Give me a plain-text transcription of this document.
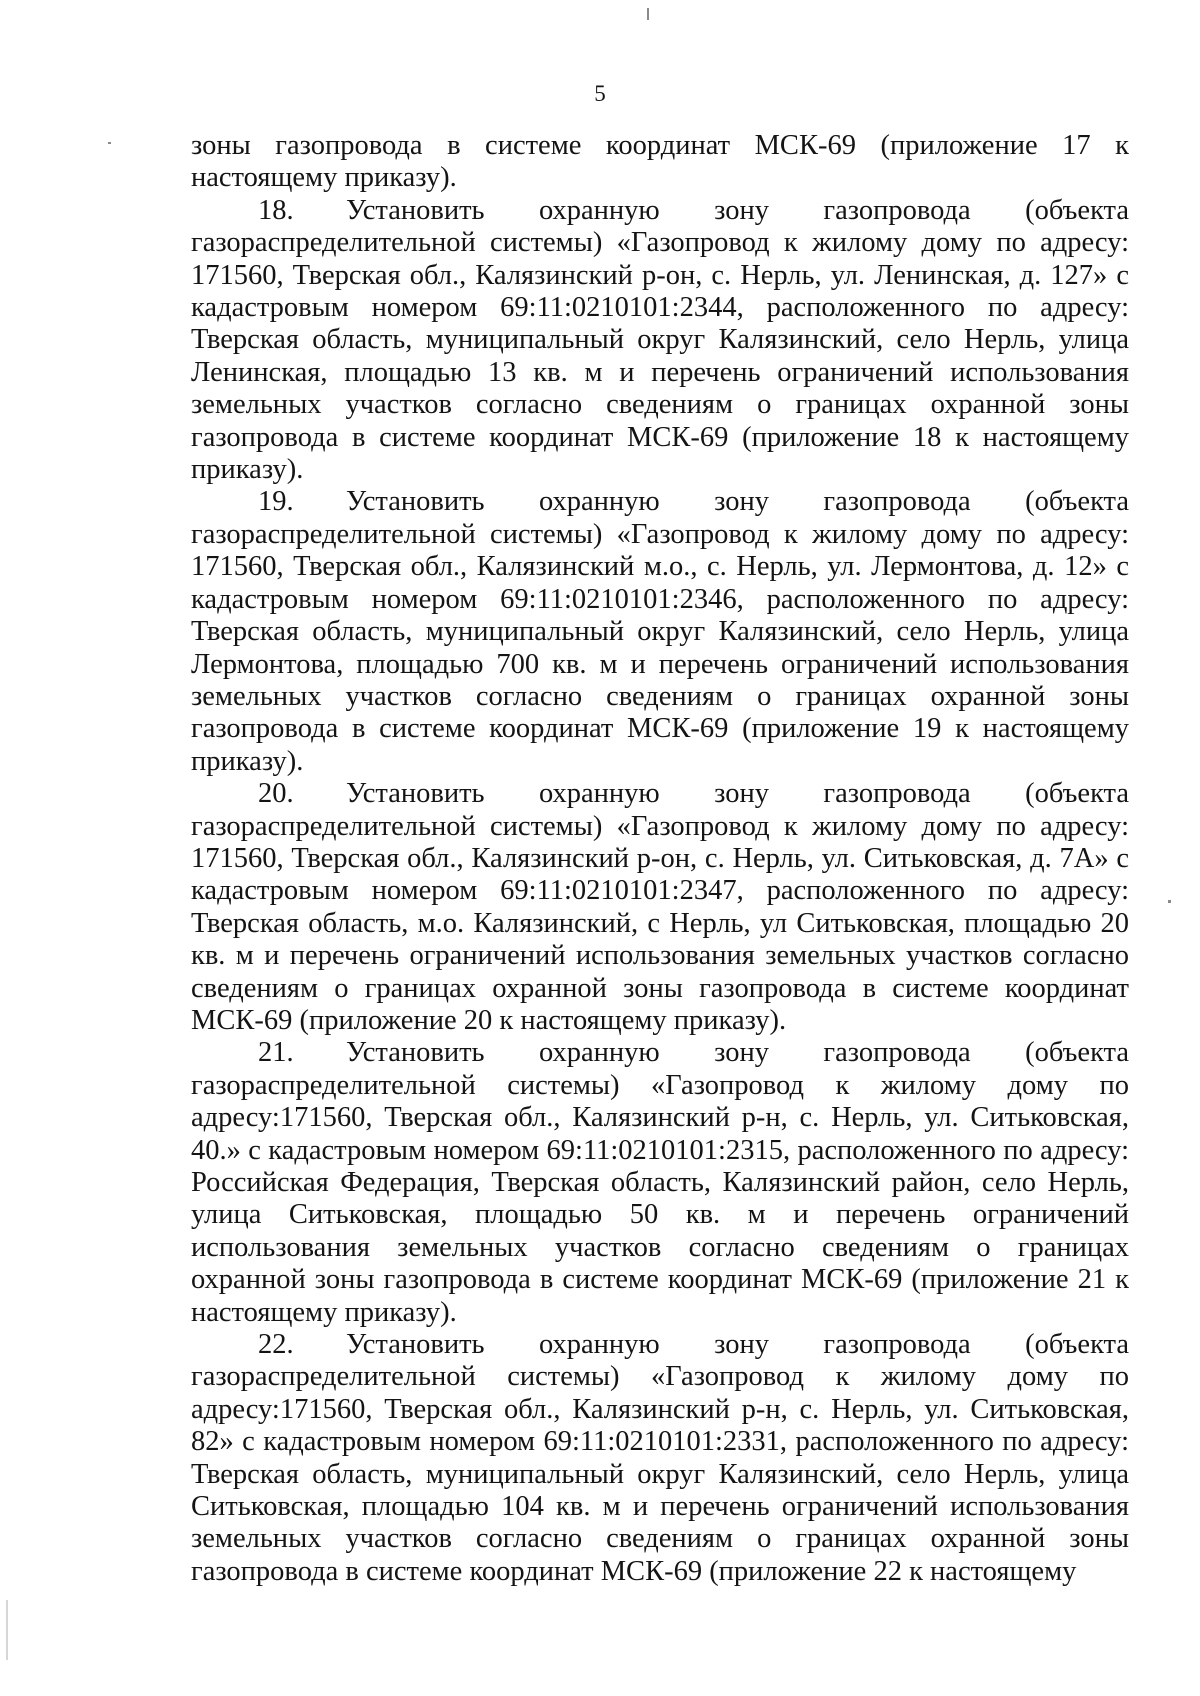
5

зоны газопровода в системе координат МСК-69 (приложение 17 к настоящему приказу).

18. Установить охранную зону газопровода (объекта газораспределительной системы) «Газопровод к жилому дому по адресу: 171560, Тверская обл., Калязинский р-он, с. Нерль, ул. Ленинская, д. 127» с кадастровым номером 69:11:0210101:2344, расположенного по адресу: Тверская область, муниципальный округ Калязинский, село Нерль, улица Ленинская, площадью 13 кв. м и перечень ограничений использования земельных участков согласно сведениям о границах охранной зоны газопровода в системе координат МСК-69 (приложение 18 к настоящему приказу).

19. Установить охранную зону газопровода (объекта газораспределительной системы) «Газопровод к жилому дому по адресу: 171560, Тверская обл., Калязинский м.о., с. Нерль, ул. Лермонтова, д. 12» с кадастровым номером 69:11:0210101:2346, расположенного по адресу: Тверская область, муниципальный округ Калязинский, село Нерль, улица Лермонтова, площадью 700 кв. м и перечень ограничений использования земельных участков согласно сведениям о границах охранной зоны газопровода в системе координат МСК-69 (приложение 19 к настоящему приказу).

20. Установить охранную зону газопровода (объекта газораспределительной системы) «Газопровод к жилому дому по адресу: 171560, Тверская обл., Калязинский р-он, с. Нерль, ул. Ситьковская, д. 7А» с кадастровым номером 69:11:0210101:2347, расположенного по адресу: Тверская область, м.о. Калязинский, с Нерль, ул Ситьковская, площадью 20 кв. м и перечень ограничений использования земельных участков согласно сведениям о границах охранной зоны газопровода в системе координат МСК-69 (приложение 20 к настоящему приказу).

21. Установить охранную зону газопровода (объекта газораспределительной системы) «Газопровод к жилому дому по адресу:171560, Тверская обл., Калязинский р-н, с. Нерль, ул. Ситьковская, 40.» с кадастровым номером 69:11:0210101:2315, расположенного по адресу: Российская Федерация, Тверская область, Калязинский район, село Нерль, улица Ситьковская, площадью 50 кв. м и перечень ограничений использования земельных участков согласно сведениям о границах охранной зоны газопровода в системе координат МСК-69 (приложение 21 к настоящему приказу).

22. Установить охранную зону газопровода (объекта газораспределительной системы) «Газопровод к жилому дому по адресу:171560, Тверская обл., Калязинский р-н, с. Нерль, ул. Ситьковская, 82» с кадастровым номером 69:11:0210101:2331, расположенного по адресу: Тверская область, муниципальный округ Калязинский, село Нерль, улица Ситьковская, площадью 104 кв. м и перечень ограничений использования земельных участков согласно сведениям о границах охранной зоны газопровода в системе координат МСК-69 (приложение 22 к настоящему
